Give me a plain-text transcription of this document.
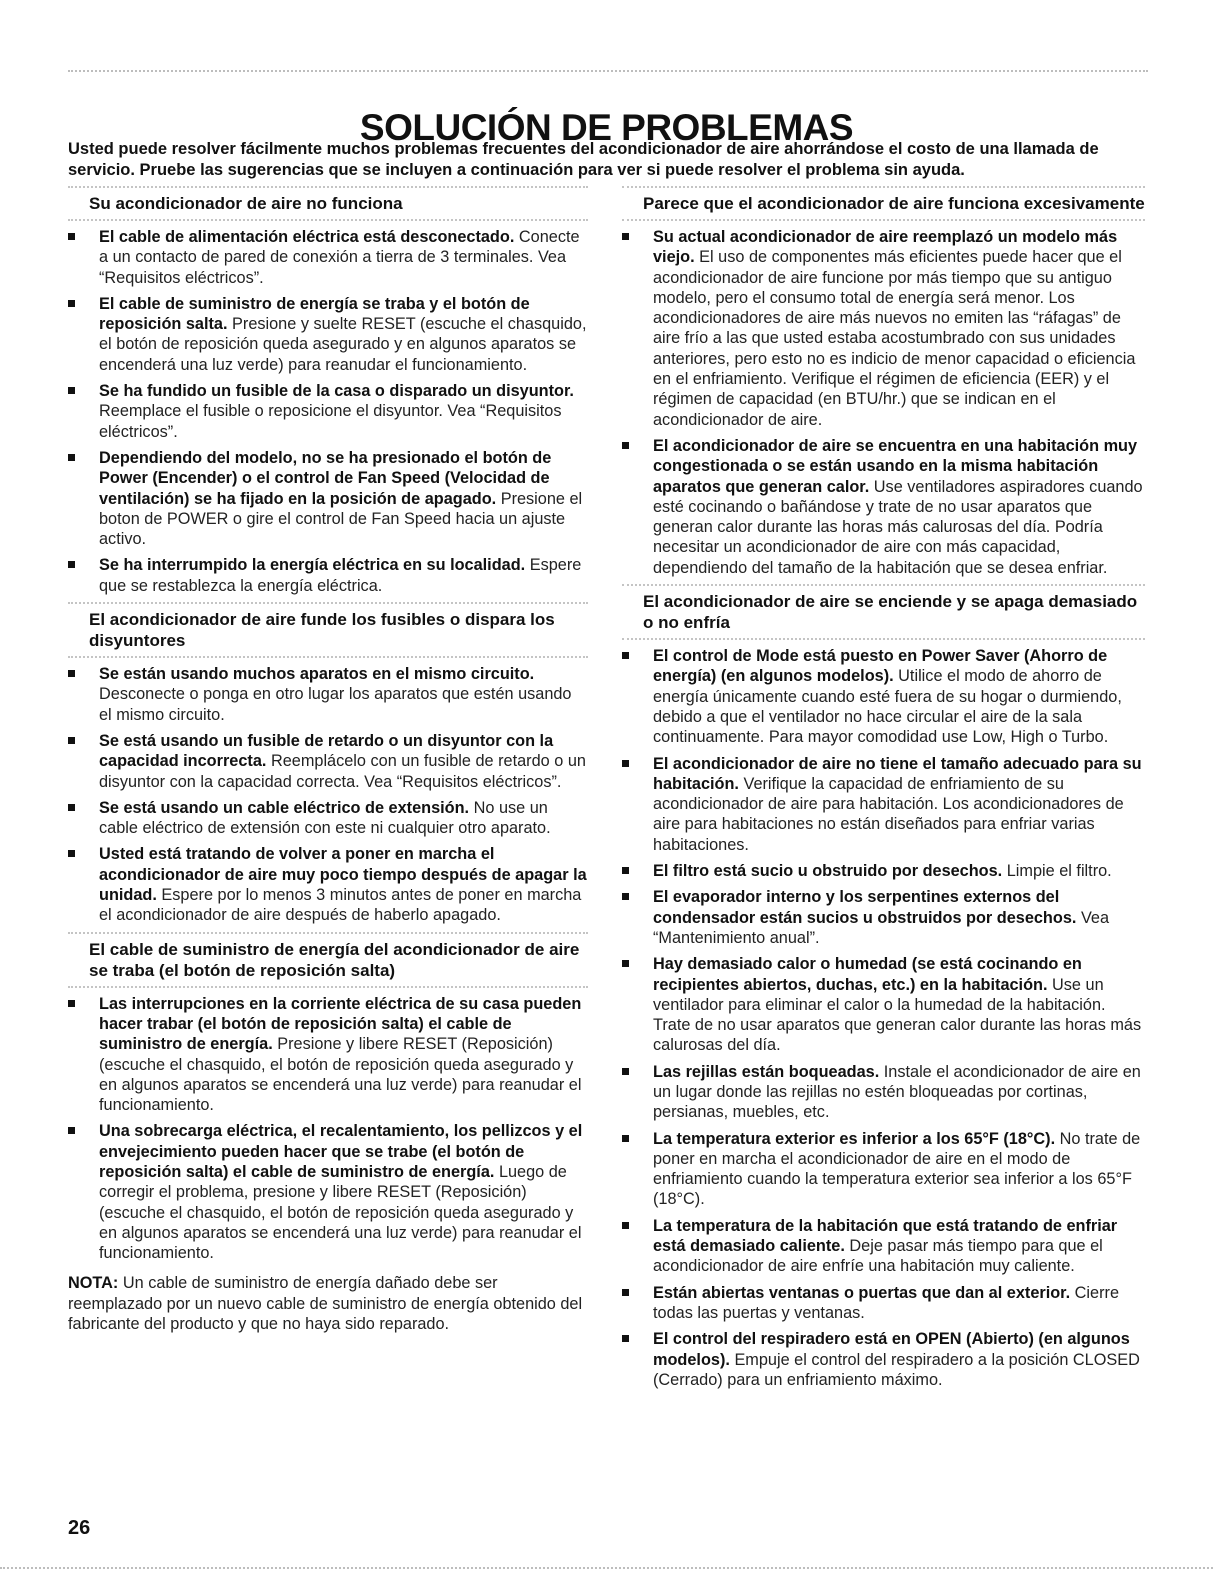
SOLUCIÓN DE PROBLEMAS

Usted puede resolver fácilmente muchos problemas frecuentes del acondicionador de aire ahorrándose el costo de una llamada de servicio. Pruebe las sugerencias que se incluyen a continuación para ver si puede resolver el problema sin ayuda.

Su acondicionador de aire no funciona
El cable de alimentación eléctrica está desconectado. Conecte a un contacto de pared de conexión a tierra de 3 terminales. Vea “Requisitos eléctricos”.
El cable de suministro de energía se traba y el botón de reposición salta. Presione y suelte RESET (escuche el chasquido, el botón de reposición queda asegurado y en algunos aparatos se encenderá una luz verde) para reanudar el funcionamiento.
Se ha fundido un fusible de la casa o disparado un disyuntor. Reemplace el fusible o reposicione el disyuntor. Vea “Requisitos eléctricos”.
Dependiendo del modelo, no se ha presionado el botón de Power (Encender) o el control de Fan Speed (Velocidad de ventilación) se ha fijado en la posición de apagado. Presione el boton de POWER o gire el control de Fan Speed hacia un ajuste activo.
Se ha interrumpido la energía eléctrica en su localidad. Espere que se restablezca la energía eléctrica.
El acondicionador de aire funde los fusibles o dispara los disyuntores
Se están usando muchos aparatos en el mismo circuito. Desconecte o ponga en otro lugar los aparatos que estén usando el mismo circuito.
Se está usando un fusible de retardo o un disyuntor con la capacidad incorrecta. Reemplácelo con un fusible de retardo o un disyuntor con la capacidad correcta. Vea “Requisitos eléctricos”.
Se está usando un cable eléctrico de extensión. No use un cable eléctrico de extensión con este ni cualquier otro aparato.
Usted está tratando de volver a poner en marcha el acondicionador de aire muy poco tiempo después de apagar la unidad. Espere por lo menos 3 minutos antes de poner en marcha el acondicionador de aire después de haberlo apagado.
El cable de suministro de energía del acondicionador de aire se traba (el botón de reposición salta)
Las interrupciones en la corriente eléctrica de su casa pueden hacer trabar (el botón de reposición salta) el cable de suministro de energía. Presione y libere RESET (Reposición) (escuche el chasquido, el botón de reposición queda asegurado y en algunos aparatos se encenderá una luz verde) para reanudar el funcionamiento.
Una sobrecarga eléctrica, el recalentamiento, los pellizcos y el envejecimiento pueden hacer que se trabe (el botón de reposición salta) el cable de suministro de energía. Luego de corregir el problema, presione y libere RESET (Reposición) (escuche el chasquido, el botón de reposición queda asegurado y en algunos aparatos se encenderá una luz verde) para reanudar el funcionamiento.

NOTA: Un cable de suministro de energía dañado debe ser reemplazado por un nuevo cable de suministro de energía obtenido del fabricante del producto y que no haya sido reparado.

Parece que el acondicionador de aire funciona excesivamente
Su actual acondicionador de aire reemplazó un modelo más viejo. El uso de componentes más eficientes puede hacer que el acondicionador de aire funcione por más tiempo que su antiguo modelo, pero el consumo total de energía será menor. Los acondicionadores de aire más nuevos no emiten las “ráfagas” de aire frío a las que usted estaba acostumbrado con sus unidades anteriores, pero esto no es indicio de menor capacidad o eficiencia en el enfriamiento. Verifique el régimen de eficiencia (EER) y el régimen de capacidad (en BTU/hr.) que se indican en el acondicionador de aire.
El acondicionador de aire se encuentra en una habitación muy congestionada o se están usando en la misma habitación aparatos que generan calor. Use ventiladores aspiradores cuando esté cocinando o bañándose y trate de no usar aparatos que generan calor durante las horas más calurosas del día. Podría necesitar un acondicionador de aire con más capacidad, dependiendo del tamaño de la habitación que se desea enfriar.
El acondicionador de aire se enciende y se apaga demasiado o no enfría
El control de Mode está puesto en Power Saver (Ahorro de energía) (en algunos modelos). Utilice el modo de ahorro de energía únicamente cuando esté fuera de su hogar o durmiendo, debido a que el ventilador no hace circular el aire de la sala continuamente. Para mayor comodidad use Low, High o Turbo.
El acondicionador de aire no tiene el tamaño adecuado para su habitación. Verifique la capacidad de enfriamiento de su acondicionador de aire para habitación. Los acondicionadores de aire para habitaciones no están diseñados para enfriar varias habitaciones.
El filtro está sucio u obstruido por desechos. Limpie el filtro.
El evaporador interno y los serpentines externos del condensador están sucios u obstruidos por desechos. Vea “Mantenimiento anual”.
Hay demasiado calor o humedad (se está cocinando en recipientes abiertos, duchas, etc.) en la habitación. Use un ventilador para eliminar el calor o la humedad de la habitación. Trate de no usar aparatos que generan calor durante las horas más calurosas del día.
Las rejillas están boqueadas. Instale el acondicionador de aire en un lugar donde las rejillas no estén bloqueadas por cortinas, persianas, muebles, etc.
La temperatura exterior es inferior a los 65°F (18°C). No trate de poner en marcha el acondicionador de aire en el modo de enfriamiento cuando la temperatura exterior sea inferior a los 65°F (18°C).
La temperatura de la habitación que está tratando de enfriar está demasiado caliente. Deje pasar más tiempo para que el acondicionador de aire enfríe una habitación muy caliente.
Están abiertas ventanas o puertas que dan al exterior. Cierre todas las puertas y ventanas.
El control del respiradero está en OPEN (Abierto) (en algunos modelos). Empuje el control del respiradero a la posición CLOSED (Cerrado) para un enfriamiento máximo.
26
